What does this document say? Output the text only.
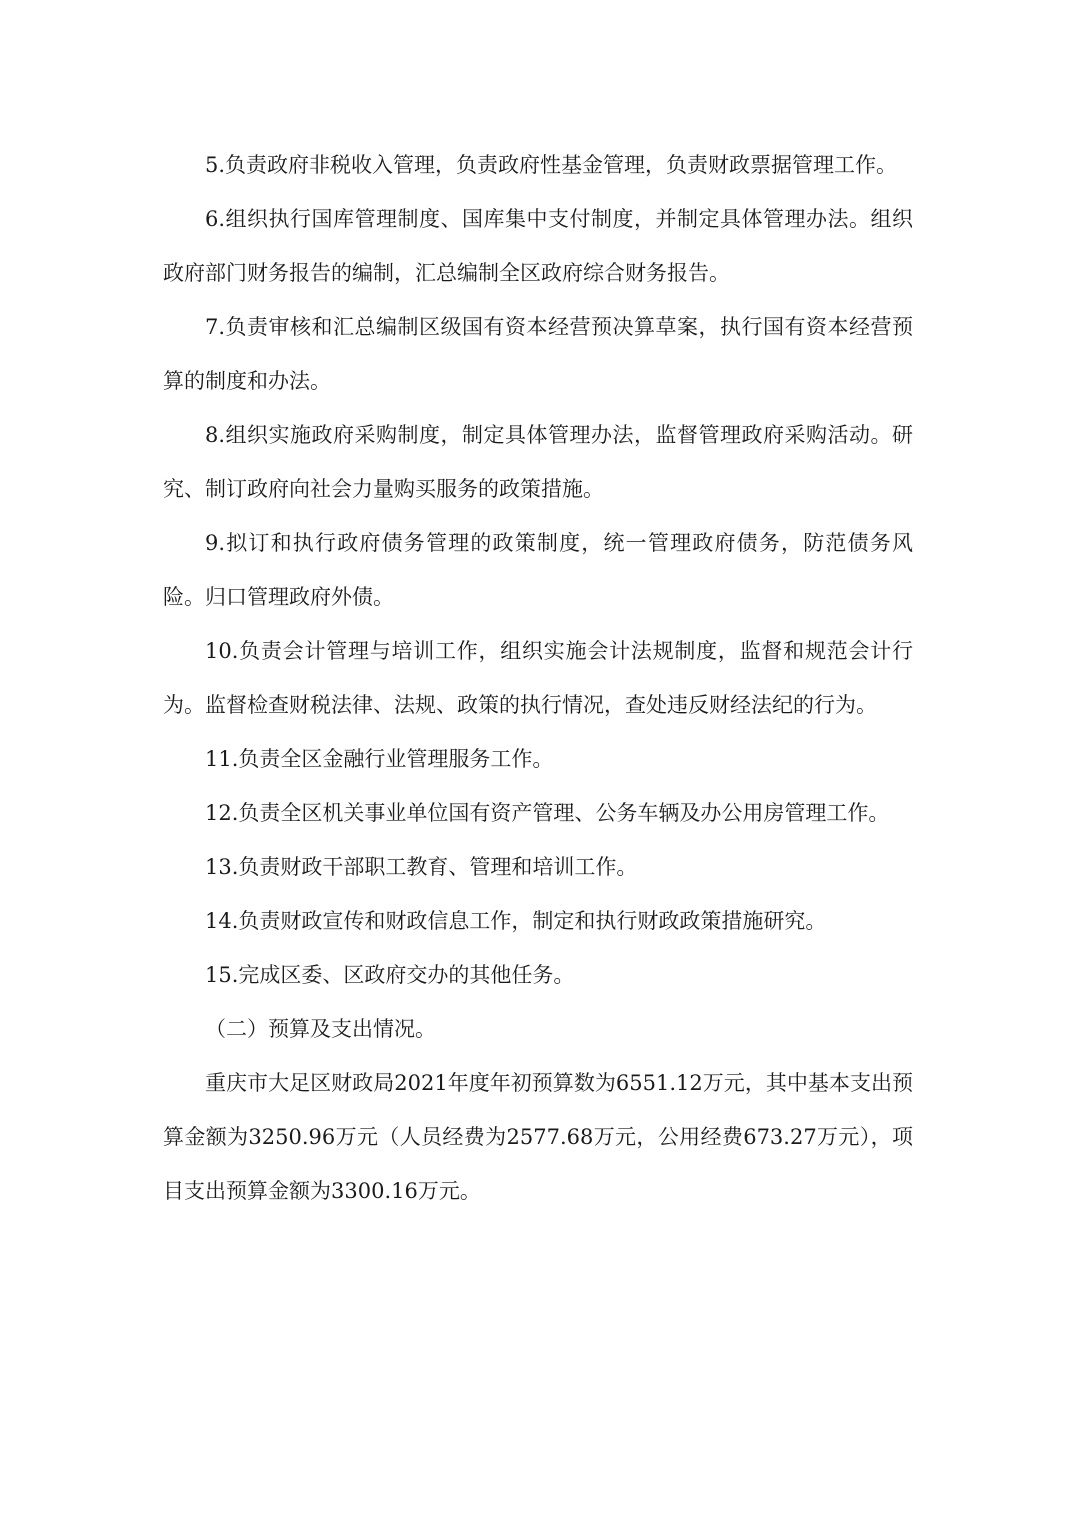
5.负责政府非税收入管理，负责政府性基金管理，负责财政票据管理工作。

6.组织执行国库管理制度、国库集中支付制度，并制定具体管理办法。组织政府部门财务报告的编制，汇总编制全区政府综合财务报告。

7.负责审核和汇总编制区级国有资本经营预决算草案，执行国有资本经营预算的制度和办法。

8.组织实施政府采购制度，制定具体管理办法，监督管理政府采购活动。研究、制订政府向社会力量购买服务的政策措施。

9.拟订和执行政府债务管理的政策制度，统一管理政府债务，防范债务风险。归口管理政府外债。

10.负责会计管理与培训工作，组织实施会计法规制度，监督和规范会计行为。监督检查财税法律、法规、政策的执行情况，查处违反财经法纪的行为。

11.负责全区金融行业管理服务工作。

12.负责全区机关事业单位国有资产管理、公务车辆及办公用房管理工作。

13.负责财政干部职工教育、管理和培训工作。

14.负责财政宣传和财政信息工作，制定和执行财政政策措施研究。

15.完成区委、区政府交办的其他任务。

（二）预算及支出情况。

重庆市大足区财政局2021年度年初预算数为6551.12万元，其中基本支出预算金额为3250.96万元（人员经费为2577.68万元，公用经费673.27万元），项目支出预算金额为3300.16万元。
